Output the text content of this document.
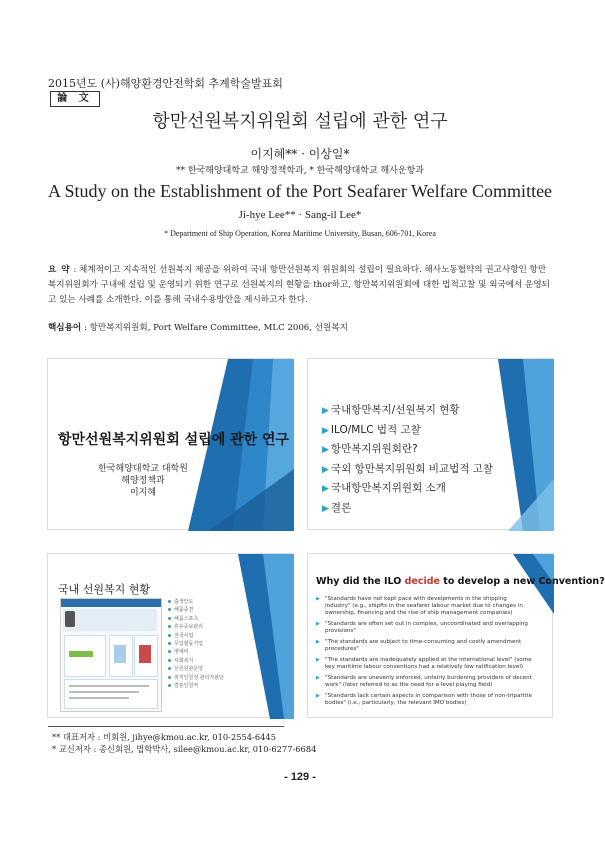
2015년도 (사)해양환경안전학회 추계학술발표회
論 文
항만선원복지위원회 설립에 관한 연구
이지혜** · 이상일*
** 한국해양대학교 해양정책학과, * 한국해양대학교 해사운항과
A Study on the Establishment of the Port Seafarer Welfare Committee
Ji-hye Lee** · Sang-il Lee*
* Department of Ship Operation, Korea Maritime University, Busan, 606-701, Korea
요 약 : 체계적이고 지속적인 선원복지 제공을 위하여 국내 항만선원복지 위원회의 설립이 필요하다. 해사노동협약의 권고사항인 항만 복지위원회가 구내에 설립 및 운영되기 위한 연구로 선원복지의 현황을 thor하고, 항만복지위원회에 대한 법적고찰 및 외국에서 운영되고 있는 사례를 소개한다. 이를 통해 국내수용방안을 제시하고자 한다.
핵심용어 : 항만복지위원회, Port Welfare Committee, MLC 2006, 선원복지
항만선원복지위원회 설립에 관한 연구
한국해양대학교 대학원
해양정책과
이지혜
▶ 국내항만복지/선원복지 현황
▶ ILO/MLC 법적 고찰
▶ 항만복지위원회란?
▶ 국외 항만복지위원회 비교법적 고찰
▶ 국내항만복지위원회 소개
▶ 결론
국내 선원복지 현황
출생안도
해뭄중견
해뭄스포츠
휴유중보관리
전국사업
무업협동기업
영예비
사회복지
선원원관문양
취직인원정 관리자판단
결혼인원역
Why did the ILO decide to develop a new Convention?
▶ "Standards have not kept pace with develpments in the shipping industry" (e.g., shipfts in the seafarer labour market due to changes in ownership, financing and the rise of ship management companies)
▶ "Standards are often set out in complex, uncoordinated and overlapping provisions"
▶ "The standards are subject to time-consuming and costly amendment procedures"
▶ "The standards are inadequately applied at the international level" (some key maritime labour conventions had a relatively low ratification level)
▶ "Standards are unevenly enforced, unfairly burdening providers of decent work" (later referred to as the need for a level playing field)
▶ "Standards lack certain aspects in comparison with those of non-tripartite bodies" (i.e., particularly, the relevant IMO bodies)
** 대표저자 : 비회원, jihye@kmou.ac.kr, 010-2554-6445
* 교신저자 : 종신회원, 법학박사, silee@kmou.ac.kr, 010-6277-6684
- 129 -
